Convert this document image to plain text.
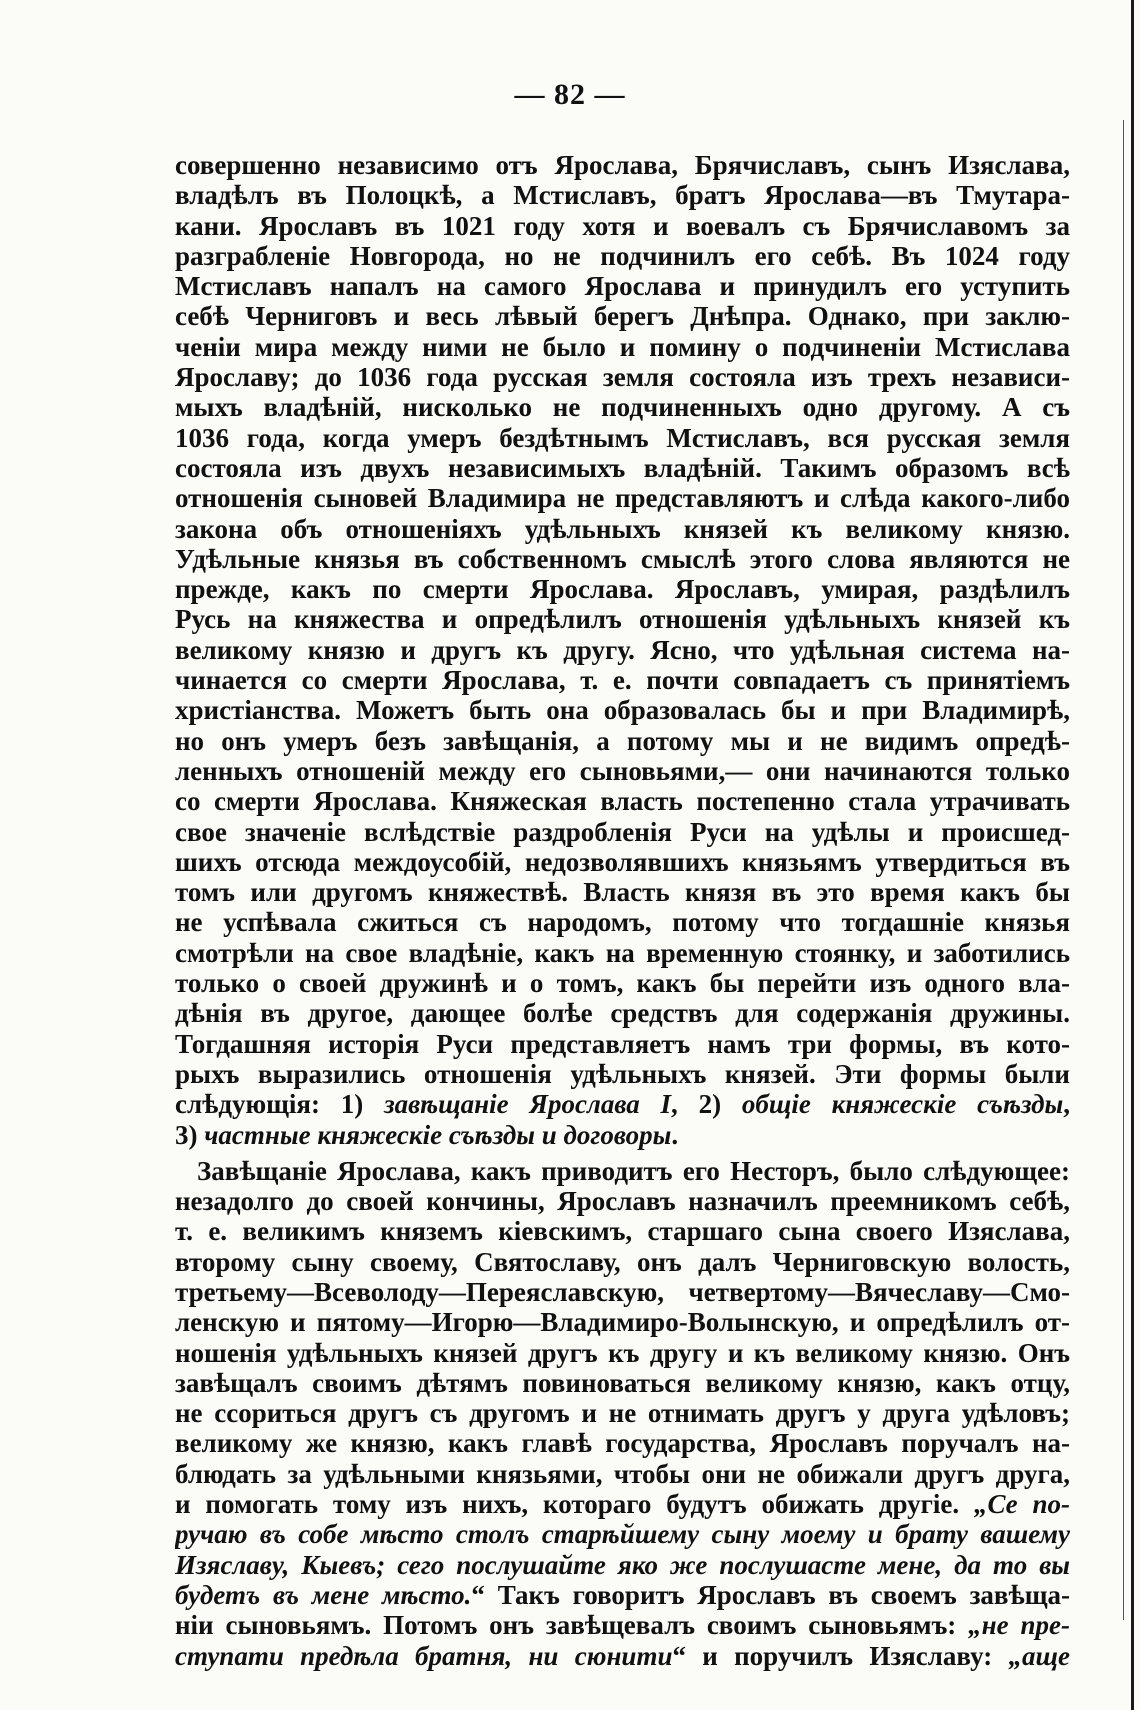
— 82 —
совершенно независимо отъ Ярослава, Брячиславъ, сынъ Изяслава,
владѣлъ въ Полоцкѣ, а Мстиславъ, братъ Ярослава—въ Тмутара-
кани. Ярославъ въ 1021 году хотя и воевалъ съ Брячиславомъ за
разграбленіе Новгорода, но не подчинилъ его себѣ. Въ 1024 году
Мстиславъ напалъ на самого Ярослава и принудилъ его уступить
себѣ Черниговъ и весь лѣвый берегъ Днѣпра. Однако, при заклю-
ченіи мира между ними не было и помину о подчиненіи Мстислава
Ярославу; до 1036 года русская земля состояла изъ трехъ независи-
мыхъ владѣній, нисколько не подчиненныхъ одно другому. А съ
1036 года, когда умеръ бездѣтнымъ Мстиславъ, вся русская земля
состояла изъ двухъ независимыхъ владѣній. Такимъ образомъ всѣ
отношенія сыновей Владимира не представляютъ и слѣда какого-либо
закона объ отношеніяхъ удѣльныхъ князей къ великому князю.
Удѣльные князья въ собственномъ смыслѣ этого слова являются не
прежде, какъ по смерти Ярослава. Ярославъ, умирая, раздѣлилъ
Русь на княжества и опредѣлилъ отношенія удѣльныхъ князей къ
великому князю и другъ къ другу. Ясно, что удѣльная система на-
чинается со смерти Ярослава, т. е. почти совпадаетъ съ принятіемъ
христіанства. Можетъ быть она образовалась бы и при Владимирѣ,
но онъ умеръ безъ завѣщанія, а потому мы и не видимъ опредѣ-
ленныхъ отношеній между его сыновьями,— они начинаются только
со смерти Ярослава. Княжеская власть постепенно стала утрачивать
свое значеніе вслѣдствіе раздробленія Руси на удѣлы и происшед-
шихъ отсюда междоусобій, недозволявшихъ князьямъ утвердиться въ
томъ или другомъ княжествѣ. Власть князя въ это время какъ бы
не успѣвала сжиться съ народомъ, потому что тогдашніе князья
смотрѣли на свое владѣніе, какъ на временную стоянку, и заботились
только о своей дружинѣ и о томъ, какъ бы перейти изъ одного вла-
дѣнія въ другое, дающее болѣе средствъ для содержанія дружины.
Тогдашняя исторія Руси представляетъ намъ три формы, въ кото-
рыхъ выразились отношенія удѣльныхъ князей. Эти формы были
слѣдующія: 1) завѣщаніе Ярослава I, 2) общіе княжескіе съѣзды,
3) частные княжескіе съѣзды и договоры.
Завѣщаніе Ярослава, какъ приводитъ его Несторъ, было слѣдующее:
незадолго до своей кончины, Ярославъ назначилъ преемникомъ себѣ,
т. е. великимъ княземъ кіевскимъ, старшаго сына своего Изяслава,
второму сыну своему, Святославу, онъ далъ Черниговскую волость,
третьему—Всеволоду—Переяславскую, четвертому—Вячеславу—Смо-
ленскую и пятому—Игорю—Владимиро-Волынскую, и опредѣлилъ от-
ношенія удѣльныхъ князей другъ къ другу и къ великому князю. Онъ
завѣщалъ своимъ дѣтямъ повиноваться великому князю, какъ отцу,
не ссориться другъ съ другомъ и не отнимать другъ у друга удѣловъ;
великому же князю, какъ главѣ государства, Ярославъ поручалъ на-
блюдать за удѣльными князьями, чтобы они не обижали другъ друга,
и помогать тому изъ нихъ, котораго будутъ обижать другіе. „Се по-
ручаю въ собе мѣсто столъ старѣйшему сыну моему и брату вашему
Изяславу, Кыевъ; сего послушайте яко же послушасте мене, да то вы
будетъ въ мене мѣсто.“ Такъ говоритъ Ярославъ въ своемъ завѣща-
ніи сыновьямъ. Потомъ онъ завѣщевалъ своимъ сыновьямъ: „не пре-
ступати предѣла братня, ни сюнити“ и поручилъ Изяславу: „аще
